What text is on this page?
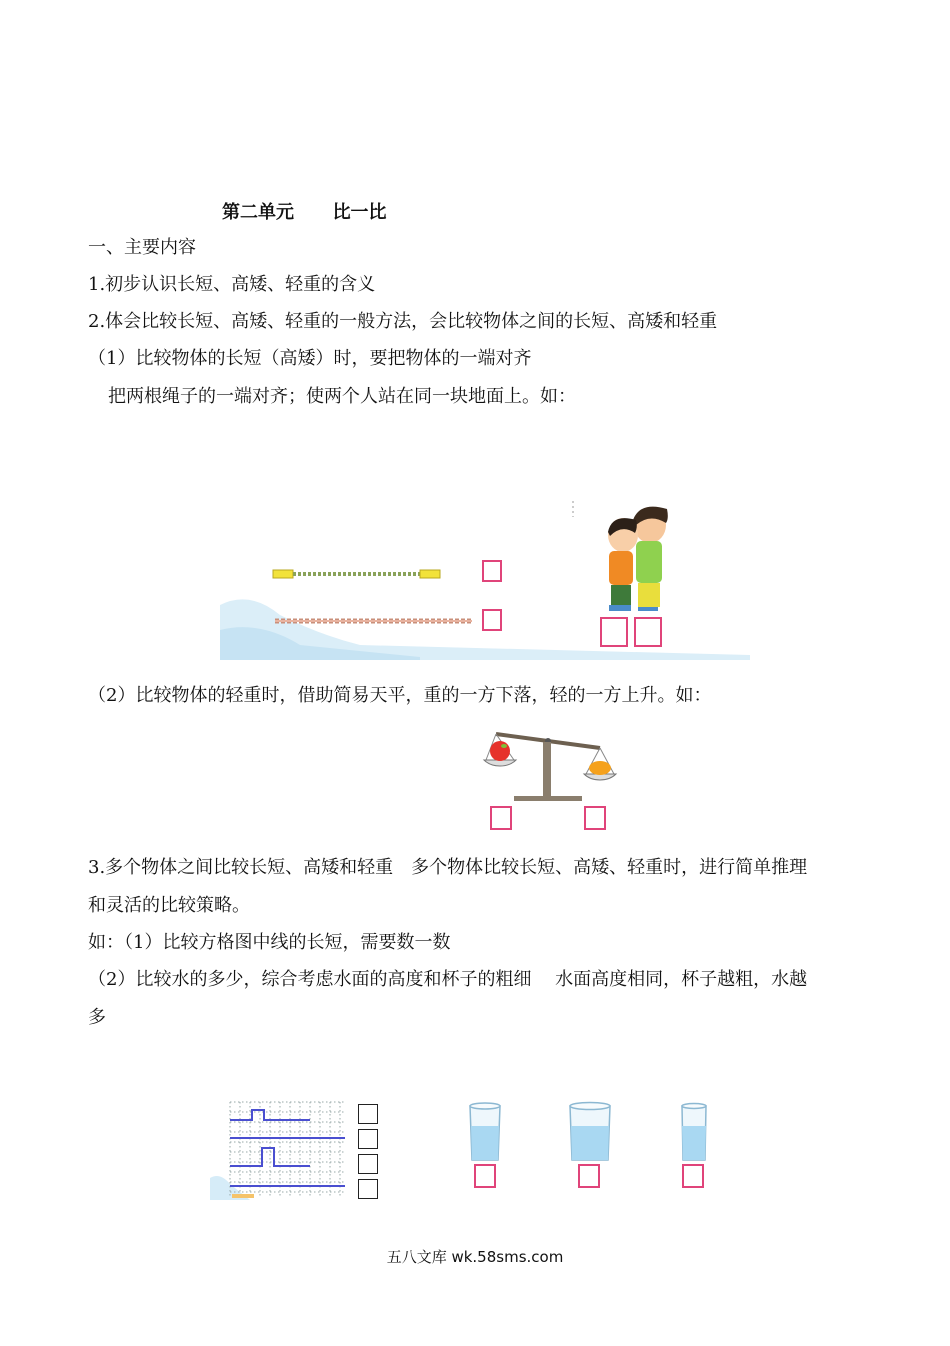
第二单元 比一比
一、主要内容
1.初步认识长短、高矮、轻重的含义
2.体会比较长短、高矮、轻重的一般方法，会比较物体之间的长短、高矮和轻重
（1）比较物体的长短（高矮）时，要把物体的一端对齐
把两根绳子的一端对齐；使两个人站在同一块地面上。如：
（2）比较物体的轻重时，借助简易天平，重的一方下落，轻的一方上升。如：
3.多个物体之间比较长短、高矮和轻重　多个物体比较长短、高矮、轻重时，进行简单推理
和灵活的比较策略。
如：（1）比较方格图中线的长短，需要数一数
（2）比较水的多少，综合考虑水面的高度和杯子的粗细　 水面高度相同，杯子越粗，水越
多
五八文库 wk.58sms.com
